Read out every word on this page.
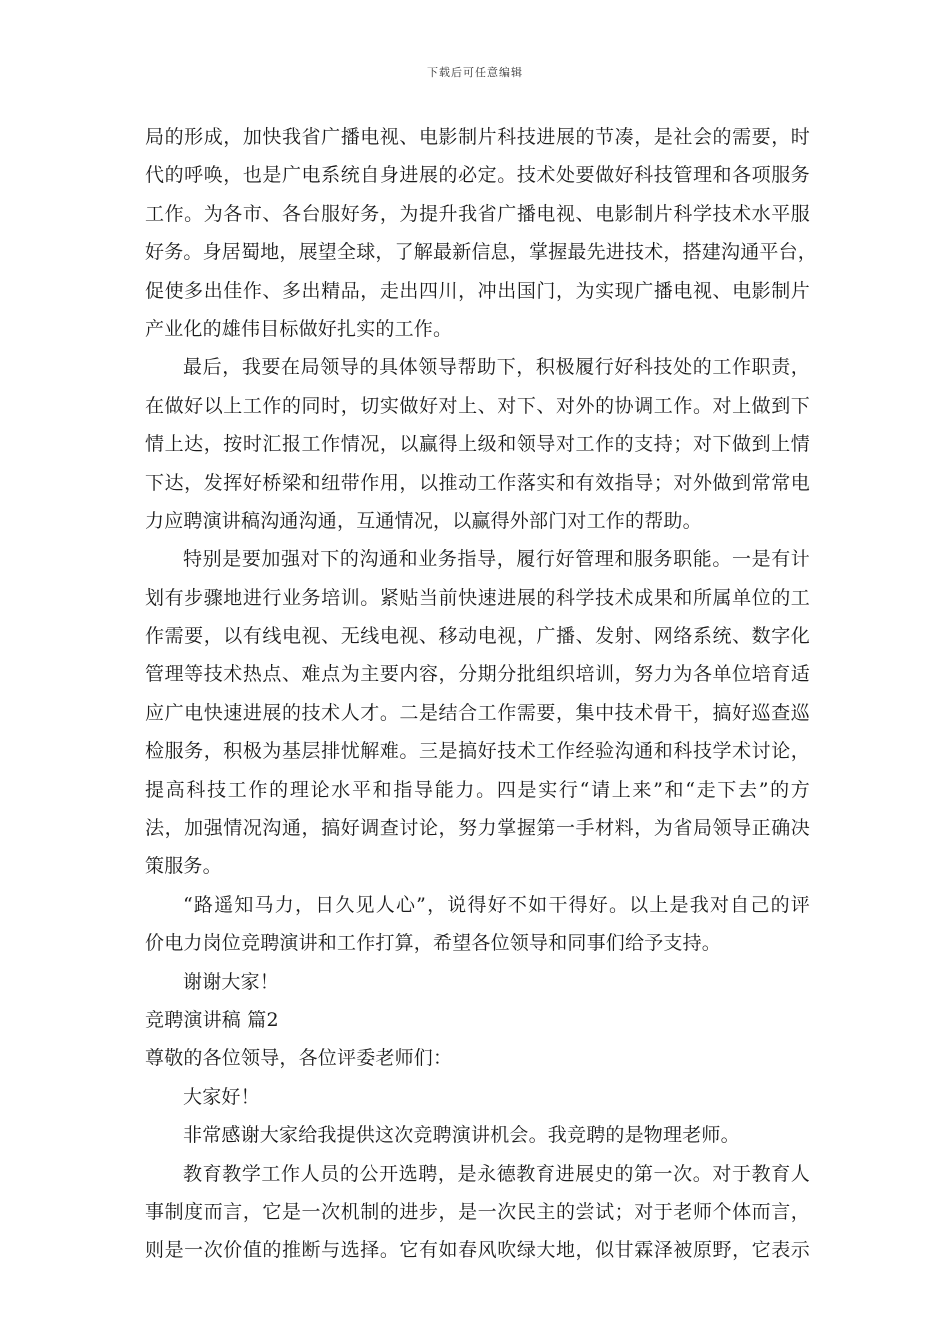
下载后可任意编辑
局的形成，加快我省广播电视、电影制片科技进展的节凑，是社会的需要，时
代的呼唤，也是广电系统自身进展的必定。技术处要做好科技管理和各项服务
工作。为各市、各台服好务，为提升我省广播电视、电影制片科学技术水平服
好务。身居蜀地，展望全球，了解最新信息，掌握最先进技术，搭建沟通平台，
促使多出佳作、多出精品，走出四川，冲出国门，为实现广播电视、电影制片
产业化的雄伟目标做好扎实的工作。
最后，我要在局领导的具体领导帮助下，积极履行好科技处的工作职责，
在做好以上工作的同时，切实做好对上、对下、对外的协调工作。对上做到下
情上达，按时汇报工作情况，以赢得上级和领导对工作的支持；对下做到上情
下达，发挥好桥梁和纽带作用，以推动工作落实和有效指导；对外做到常常电
力应聘演讲稿沟通沟通，互通情况，以赢得外部门对工作的帮助。
特别是要加强对下的沟通和业务指导，履行好管理和服务职能。一是有计
划有步骤地进行业务培训。紧贴当前快速进展的科学技术成果和所属单位的工
作需要，以有线电视、无线电视、移动电视，广播、发射、网络系统、数字化
管理等技术热点、难点为主要内容，分期分批组织培训，努力为各单位培育适
应广电快速进展的技术人才。二是结合工作需要，集中技术骨干，搞好巡查巡
检服务，积极为基层排忧解难。三是搞好技术工作经验沟通和科技学术讨论，
提高科技工作的理论水平和指导能力。四是实行“请上来”和“走下去”的方
法，加强情况沟通，搞好调查讨论，努力掌握第一手材料，为省局领导正确决
策服务。
“路遥知马力，日久见人心”，说得好不如干得好。以上是我对自己的评
价电力岗位竞聘演讲和工作打算，希望各位领导和同事们给予支持。
谢谢大家！
竞聘演讲稿 篇2
尊敬的各位领导，各位评委老师们：
大家好！
非常感谢大家给我提供这次竞聘演讲机会。我竞聘的是物理老师。
教育教学工作人员的公开选聘，是永德教育进展史的第一次。对于教育人
事制度而言，它是一次机制的进步，是一次民主的尝试；对于老师个体而言，
则是一次价值的推断与选择。它有如春风吹绿大地，似甘霖泽被原野，它表示
